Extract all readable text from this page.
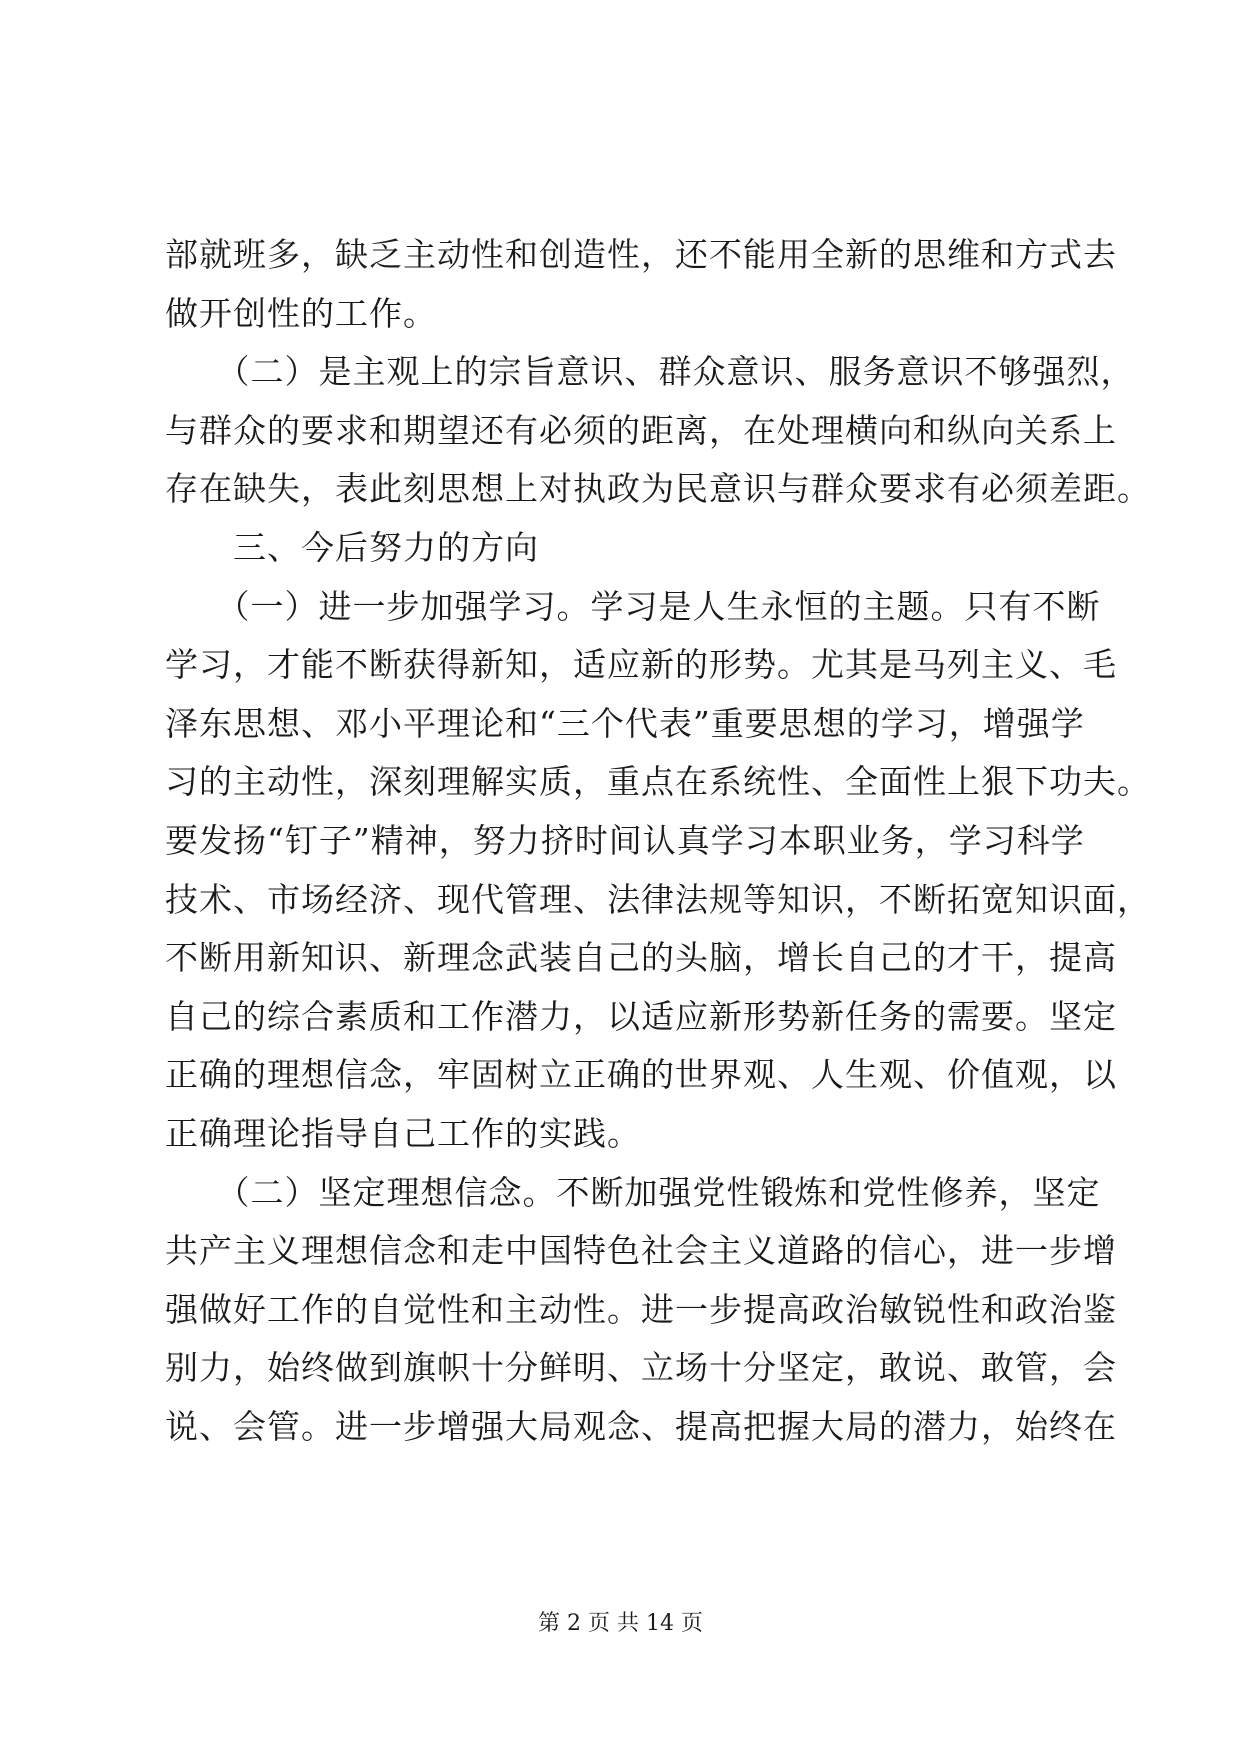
部就班多，缺乏主动性和创造性，还不能用全新的思维和方式去
做开创性的工作。
　　（二）是主观上的宗旨意识、群众意识、服务意识不够强烈，
与群众的要求和期望还有必须的距离，在处理横向和纵向关系上
存在缺失，表此刻思想上对执政为民意识与群众要求有必须差距。
　　三、今后努力的方向
　　（一）进一步加强学习。学习是人生永恒的主题。只有不断
学习，才能不断获得新知，适应新的形势。尤其是马列主义、毛
泽东思想、邓小平理论和“三个代表”重要思想的学习，增强学
习的主动性，深刻理解实质，重点在系统性、全面性上狠下功夫。
要发扬“钉子”精神，努力挤时间认真学习本职业务，学习科学
技术、市场经济、现代管理、法律法规等知识，不断拓宽知识面，
不断用新知识、新理念武装自己的头脑，增长自己的才干，提高
自己的综合素质和工作潜力，以适应新形势新任务的需要。坚定
正确的理想信念，牢固树立正确的世界观、人生观、价值观，以
正确理论指导自己工作的实践。
　　（二）坚定理想信念。不断加强党性锻炼和党性修养，坚定
共产主义理想信念和走中国特色社会主义道路的信心，进一步增
强做好工作的自觉性和主动性。进一步提高政治敏锐性和政治鉴
别力，始终做到旗帜十分鲜明、立场十分坚定，敢说、敢管，会
说、会管。进一步增强大局观念、提高把握大局的潜力，始终在
第 2 页 共 14 页
